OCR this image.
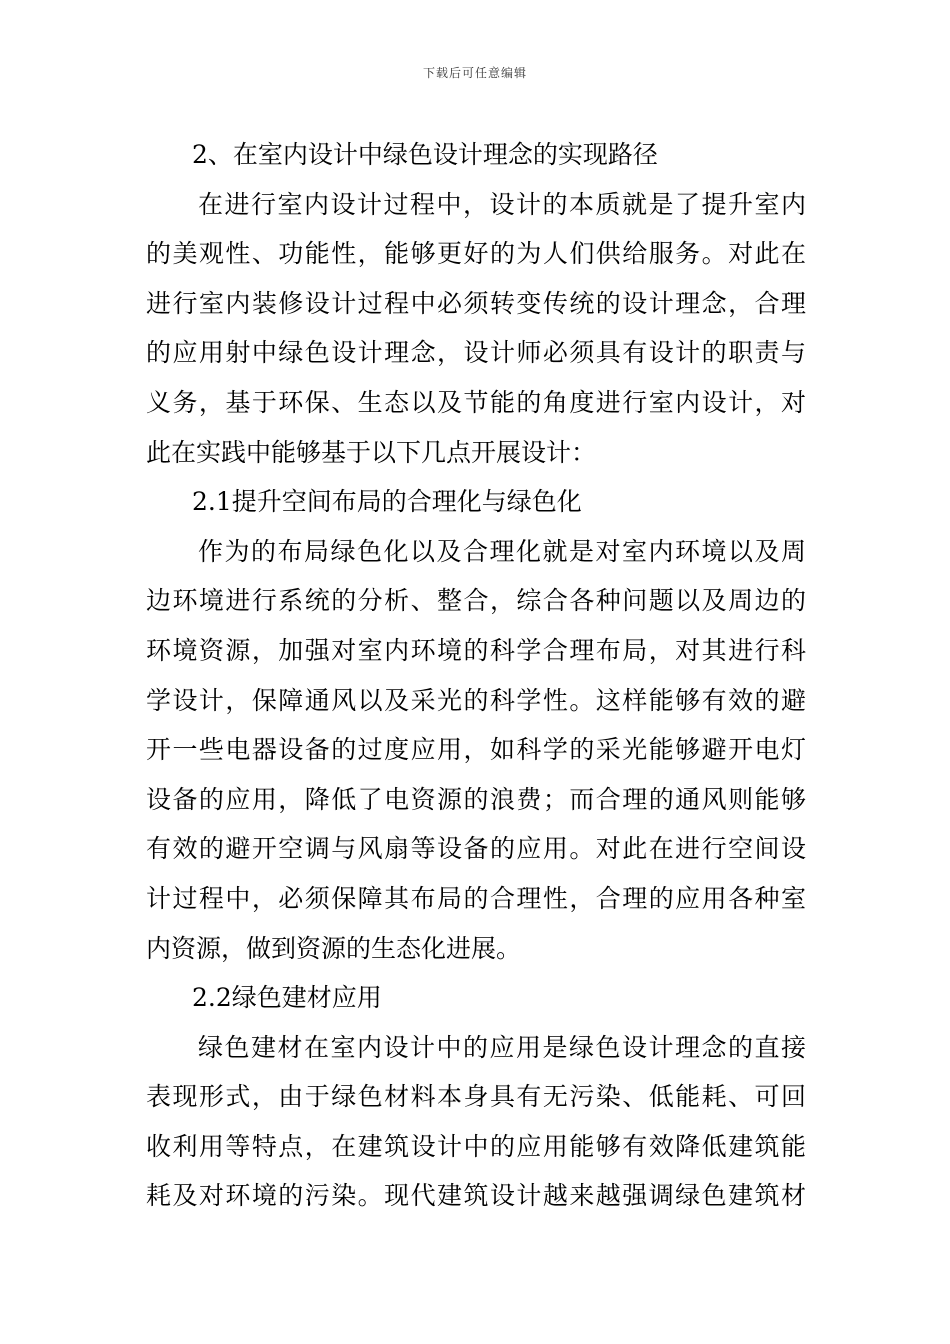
下载后可任意编辑
2、在室内设计中绿色设计理念的实现路径
在进行室内设计过程中，设计的本质就是了提升室内
的美观性、功能性，能够更好的为人们供给服务。对此在
进行室内装修设计过程中必须转变传统的设计理念，合理
的应用射中绿色设计理念，设计师必须具有设计的职责与
义务，基于环保、生态以及节能的角度进行室内设计，对
此在实践中能够基于以下几点开展设计：
2.1提升空间布局的合理化与绿色化
作为的布局绿色化以及合理化就是对室内环境以及周
边环境进行系统的分析、整合，综合各种问题以及周边的
环境资源，加强对室内环境的科学合理布局，对其进行科
学设计，保障通风以及采光的科学性。这样能够有效的避
开一些电器设备的过度应用，如科学的采光能够避开电灯
设备的应用，降低了电资源的浪费；而合理的通风则能够
有效的避开空调与风扇等设备的应用。对此在进行空间设
计过程中，必须保障其布局的合理性，合理的应用各种室
内资源，做到资源的生态化进展。
2.2绿色建材应用
绿色建材在室内设计中的应用是绿色设计理念的直接
表现形式，由于绿色材料本身具有无污染、低能耗、可回
收利用等特点，在建筑设计中的应用能够有效降低建筑能
耗及对环境的污染。现代建筑设计越来越强调绿色建筑材
